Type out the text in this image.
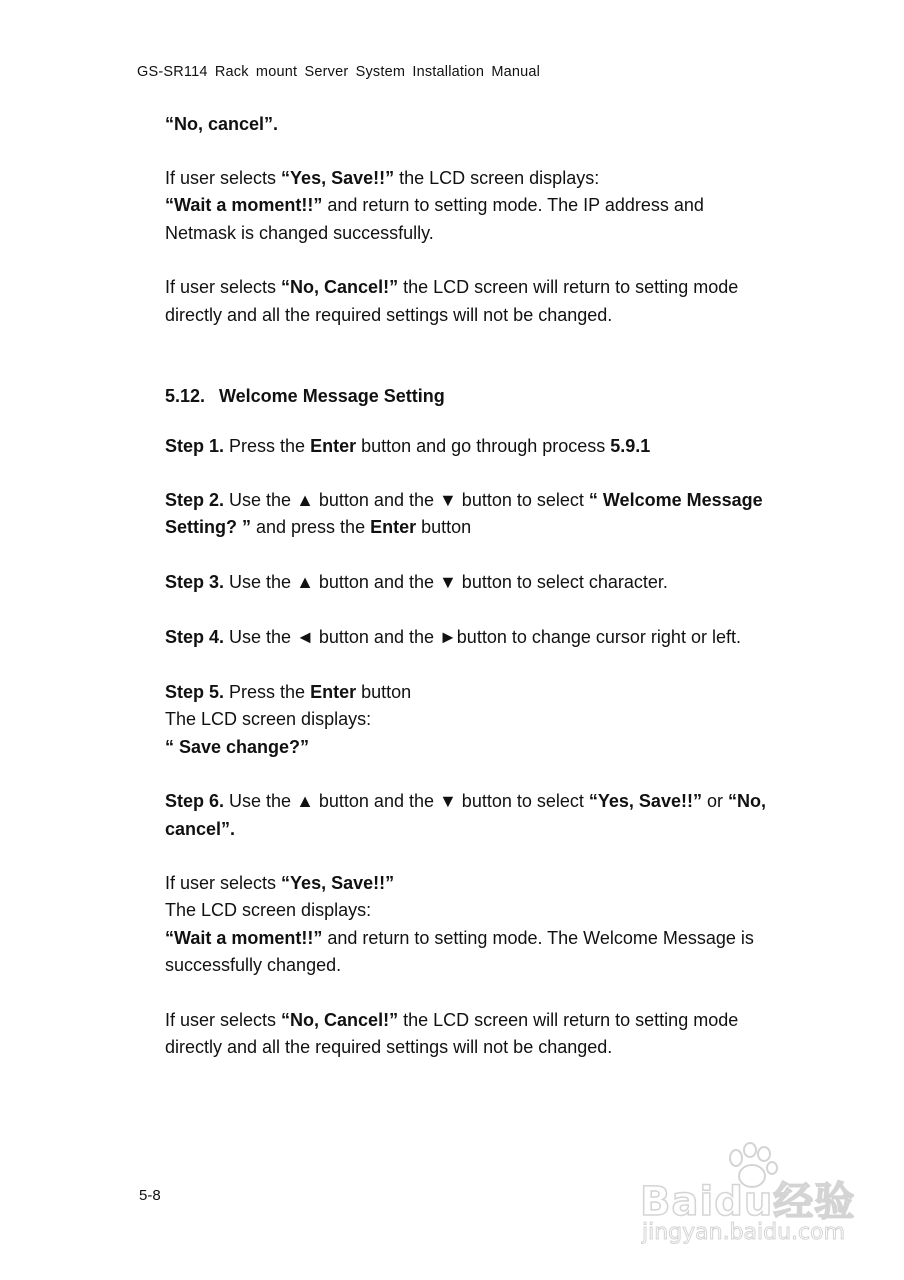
GS-SR114 Rack mount Server System Installation Manual
“No, cancel”.
If user selects “Yes, Save!!” the LCD screen displays:
“Wait a moment!!” and return to setting mode. The IP address and
Netmask is changed successfully.
If user selects “No, Cancel!” the LCD screen will return to setting mode
directly and all the required settings will not be changed.
5.12. Welcome Message Setting
Step 1. Press the Enter button and go through process 5.9.1
Step 2. Use the ▲ button and the ▼ button to select “ Welcome Message
Setting? ” and press the Enter button
Step 3. Use the ▲ button and the ▼ button to select character.
Step 4. Use the ◄ button and the ►button to change cursor right or left.
Step 5. Press the Enter button
The LCD screen displays:
“ Save change?”
Step 6. Use the ▲ button and the ▼ button to select “Yes, Save!!” or “No,
cancel”.
If user selects “Yes, Save!!”
The LCD screen displays:
“Wait a moment!!” and return to setting mode. The Welcome Message is
successfully changed.
If user selects “No, Cancel!” the LCD screen will return to setting mode
directly and all the required settings will not be changed.
5-8	Baidu经验
jingyan.baidu.com
